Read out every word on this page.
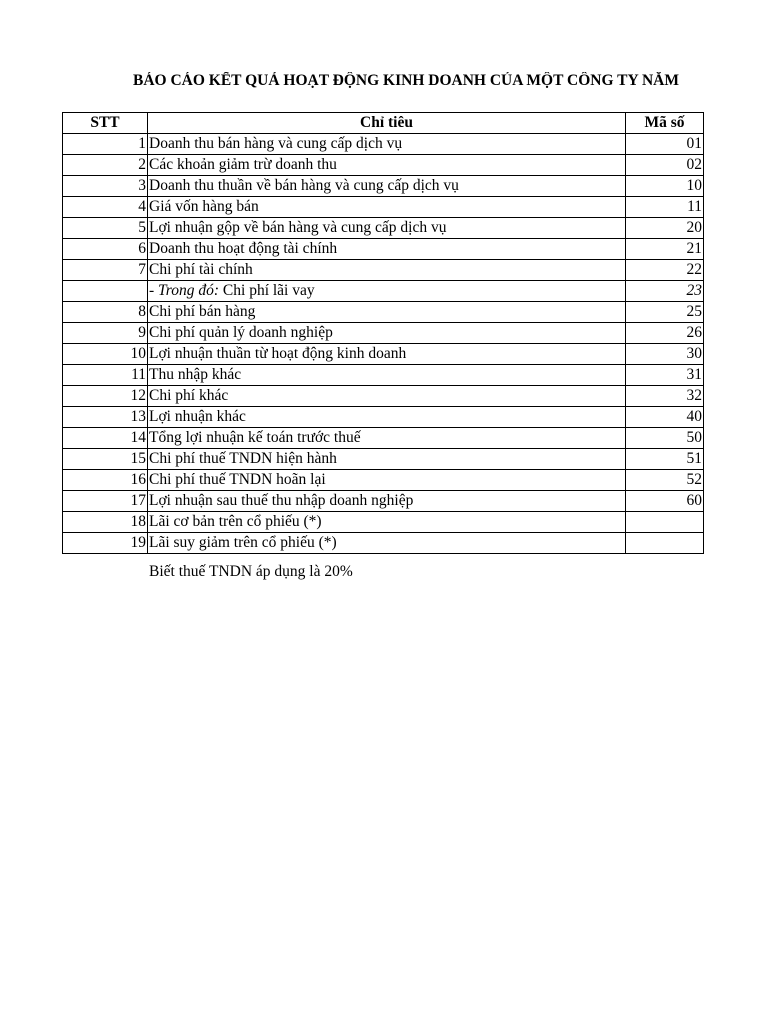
BÁO CÁO KẾT QUẢ HOẠT ĐỘNG KINH DOANH CỦA MỘT CÔNG TY NĂM
STT	Chỉ tiêu	Mã số
1	Doanh thu bán hàng và cung cấp dịch vụ	01
2	Các khoản giảm trừ doanh thu	02
3	Doanh thu thuần về bán hàng và cung cấp dịch vụ	10
4	Giá vốn hàng bán	11
5	Lợi nhuận gộp về bán hàng và cung cấp dịch vụ	20
6	Doanh thu hoạt động tài chính	21
7	Chi phí tài chính	22
	- Trong đó: Chi phí lãi vay	23
8	Chi phí bán hàng	25
9	Chi phí quản lý doanh nghiệp	26
10	Lợi nhuận thuần từ hoạt động kinh doanh	30
11	Thu nhập khác	31
12	Chi phí khác	32
13	Lợi nhuận khác	40
14	Tổng lợi nhuận kế toán trước thuế	50
15	Chi phí thuế TNDN hiện hành	51
16	Chi phí thuế TNDN hoãn lại	52
17	Lợi nhuận sau thuế thu nhập doanh nghiệp	60
18	Lãi cơ bản trên cổ phiếu (*)	
19	Lãi suy giảm trên cổ phiếu (*)	
Biết thuế TNDN áp dụng là 20%
